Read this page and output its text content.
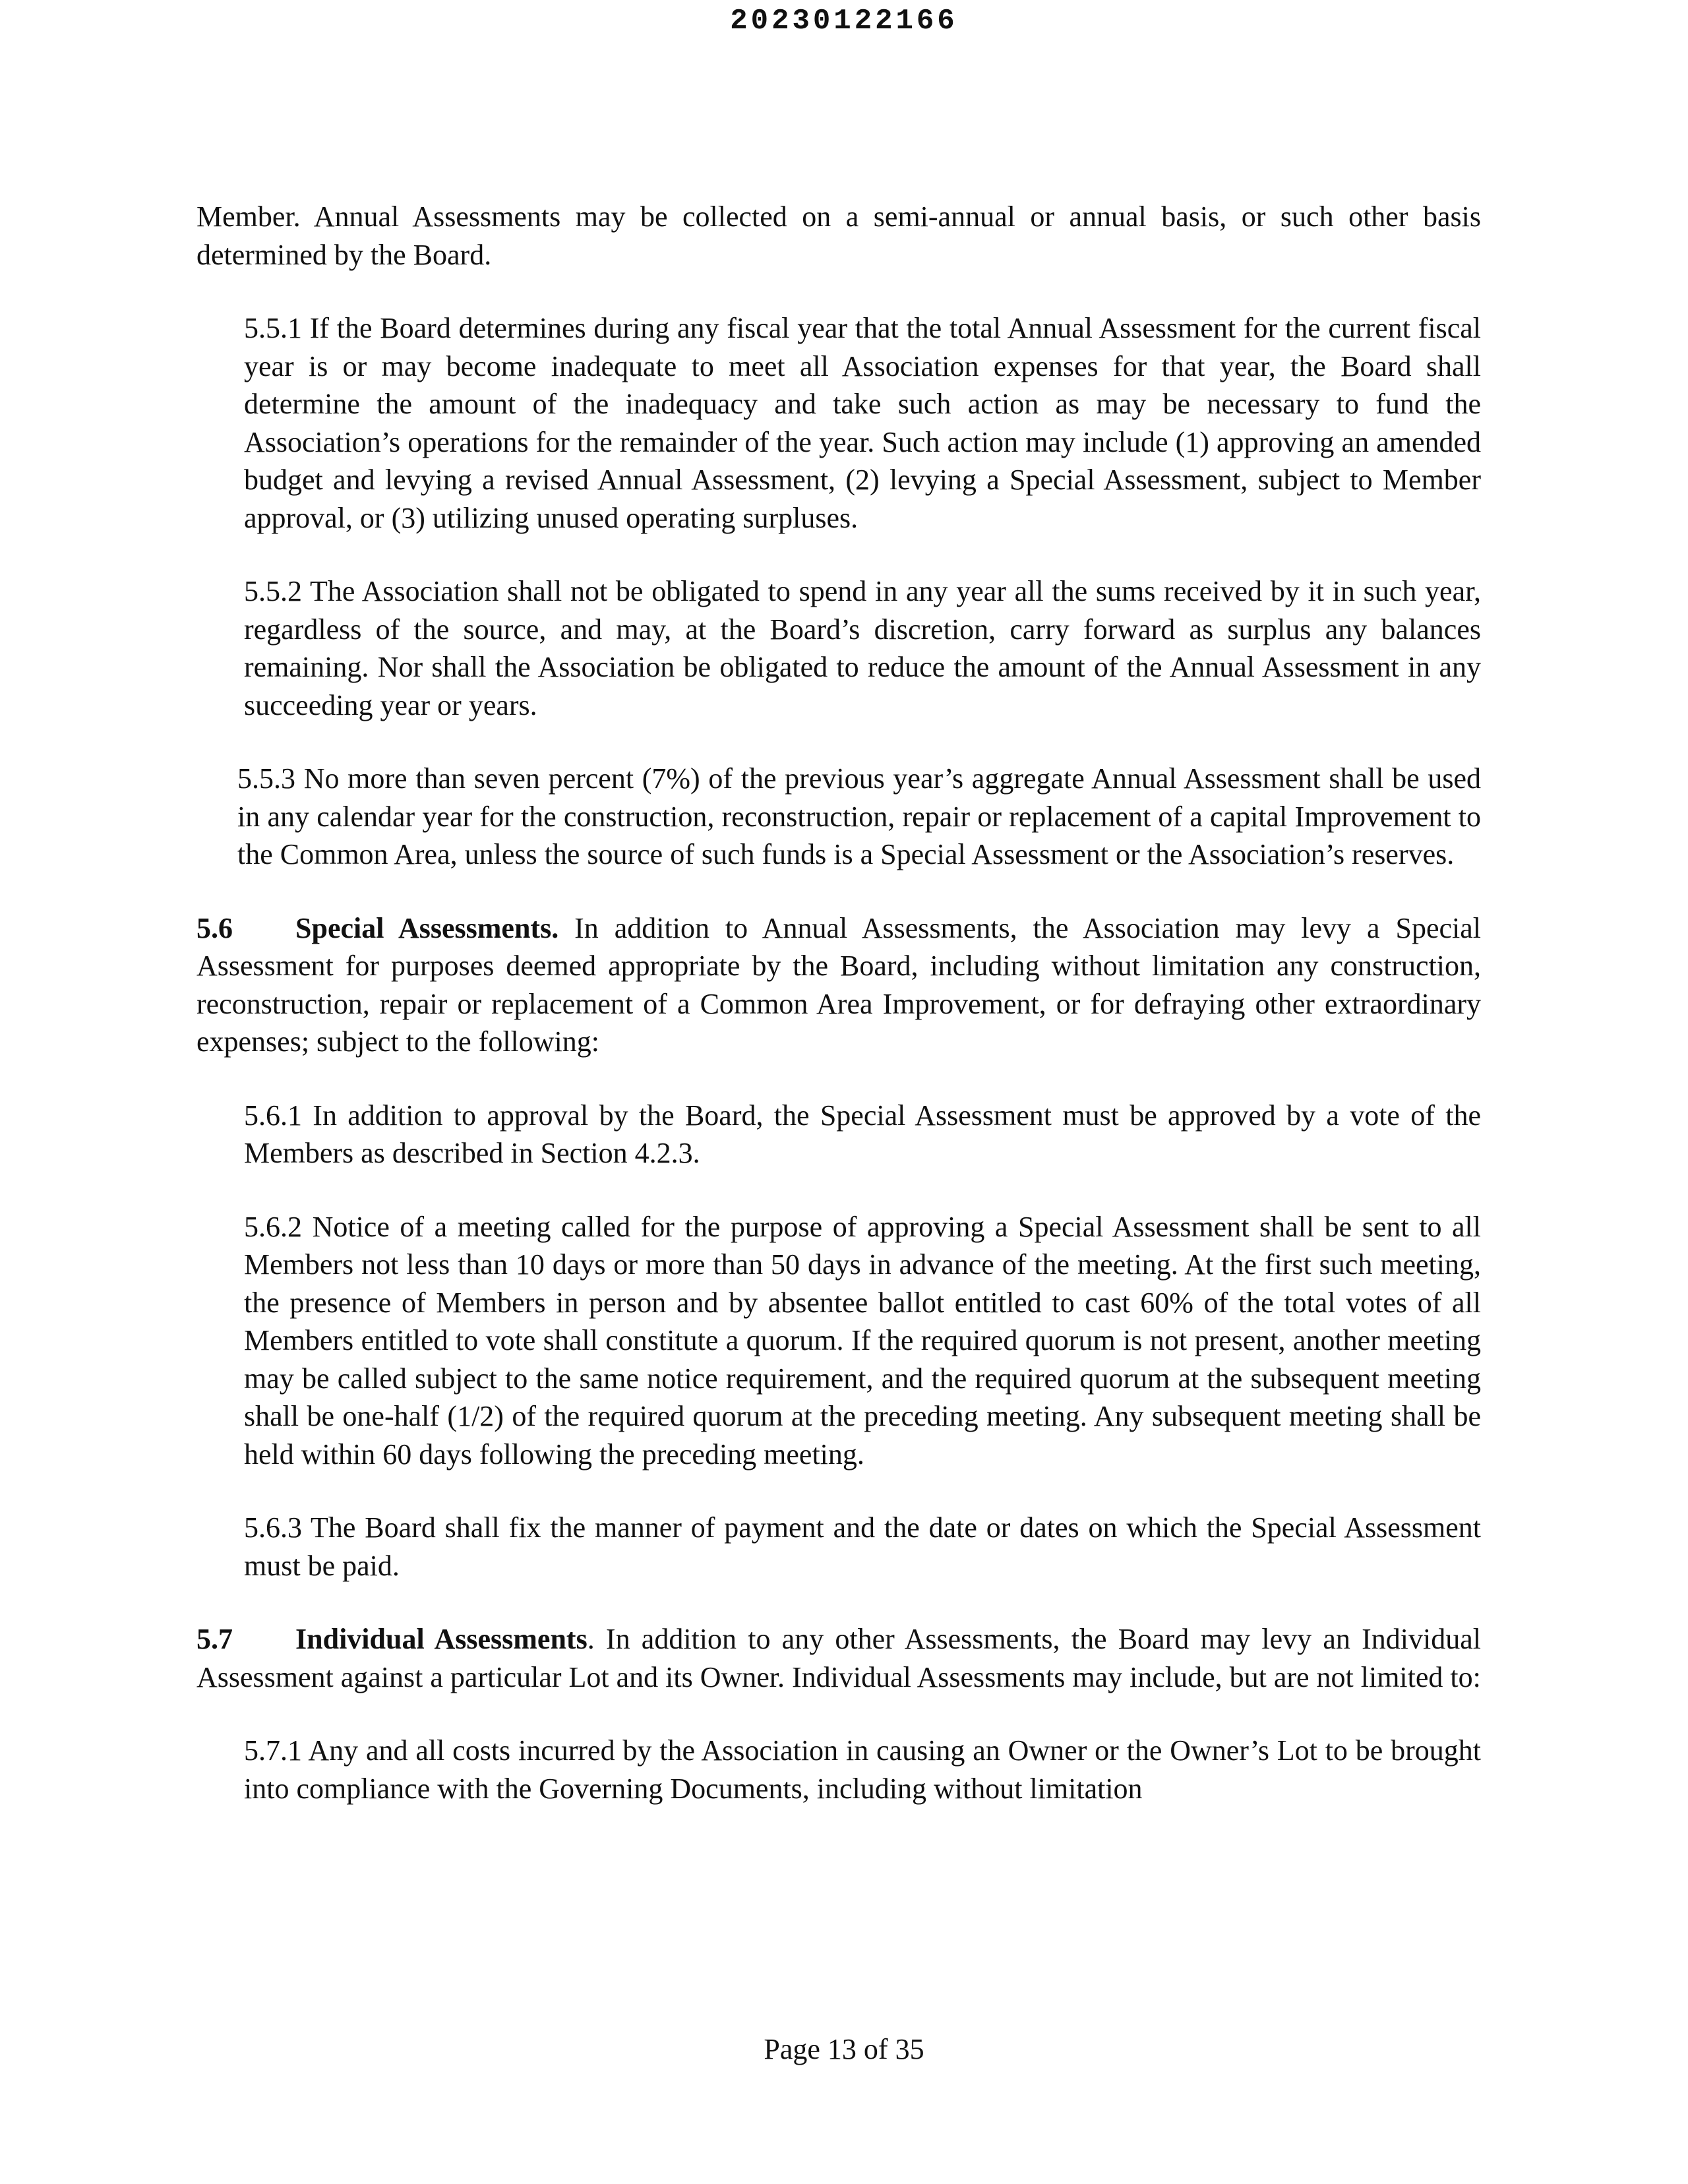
20230122166

Member. Annual Assessments may be collected on a semi-annual or annual basis, or such other basis determined by the Board.

5.5.1 If the Board determines during any fiscal year that the total Annual Assessment for the current fiscal year is or may become inadequate to meet all Association expenses for that year, the Board shall determine the amount of the inadequacy and take such action as may be necessary to fund the Association’s operations for the remainder of the year. Such action may include (1) approving an amended budget and levying a revised Annual Assessment, (2) levying a Special Assessment, subject to Member approval, or (3) utilizing unused operating surpluses.

5.5.2 The Association shall not be obligated to spend in any year all the sums received by it in such year, regardless of the source, and may, at the Board’s discretion, carry forward as surplus any balances remaining. Nor shall the Association be obligated to reduce the amount of the Annual Assessment in any succeeding year or years.

5.5.3 No more than seven percent (7%) of the previous year’s aggregate Annual Assessment shall be used in any calendar year for the construction, reconstruction, repair or replacement of a capital Improvement to the Common Area, unless the source of such funds is a Special Assessment or the Association’s reserves.

5.6 Special Assessments. In addition to Annual Assessments, the Association may levy a Special Assessment for purposes deemed appropriate by the Board, including without limitation any construction, reconstruction, repair or replacement of a Common Area Improvement, or for defraying other extraordinary expenses; subject to the following:

5.6.1 In addition to approval by the Board, the Special Assessment must be approved by a vote of the Members as described in Section 4.2.3.

5.6.2 Notice of a meeting called for the purpose of approving a Special Assessment shall be sent to all Members not less than 10 days or more than 50 days in advance of the meeting. At the first such meeting, the presence of Members in person and by absentee ballot entitled to cast 60% of the total votes of all Members entitled to vote shall constitute a quorum. If the required quorum is not present, another meeting may be called subject to the same notice requirement, and the required quorum at the subsequent meeting shall be one-half (1/2) of the required quorum at the preceding meeting. Any subsequent meeting shall be held within 60 days following the preceding meeting.

5.6.3 The Board shall fix the manner of payment and the date or dates on which the Special Assessment must be paid.

5.7 Individual Assessments. In addition to any other Assessments, the Board may levy an Individual Assessment against a particular Lot and its Owner. Individual Assessments may include, but are not limited to:

5.7.1 Any and all costs incurred by the Association in causing an Owner or the Owner’s Lot to be brought into compliance with the Governing Documents, including without limitation

Page 13 of 35
